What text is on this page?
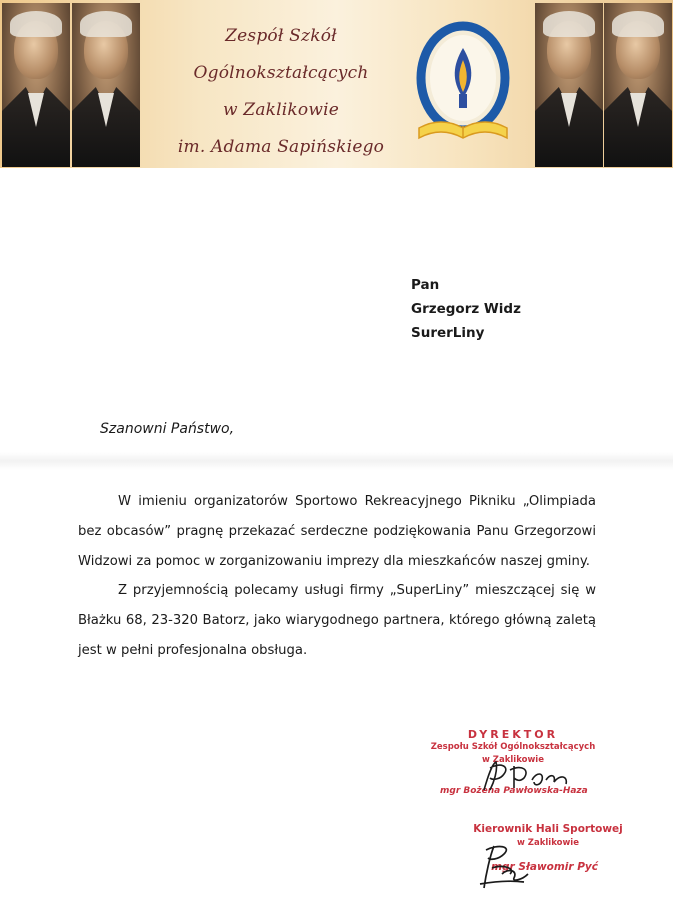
Zespół Szkół Ogólnokształcących
w Zaklikowie
im. Adama Sapińskiego
Pan
Grzegorz Widz
SurerLiny
Szanowni Państwo,

W imieniu organizatorów Sportowo Rekreacyjnego Pikniku „Olimpiada bez obcasów” pragnę przekazać serdeczne podziękowania Panu Grzegorzowi Widzowi za pomoc w zorganizowaniu imprezy dla mieszkańców naszej gminy.

Z przyjemnością polecamy usługi firmy „SuperLiny” mieszczącej się w Błażku 68, 23-320 Batorz, jako wiarygodnego partnera, którego główną zaletą jest w pełni profesjonalna obsługa.

DYREKTOR
Zespołu Szkół Ogólnokształcących
w Zaklikowie
mgr Bożena Pawłowska-Haza
Kierownik Hali Sportowej
w Zaklikowie
mgr Sławomir Pyć
